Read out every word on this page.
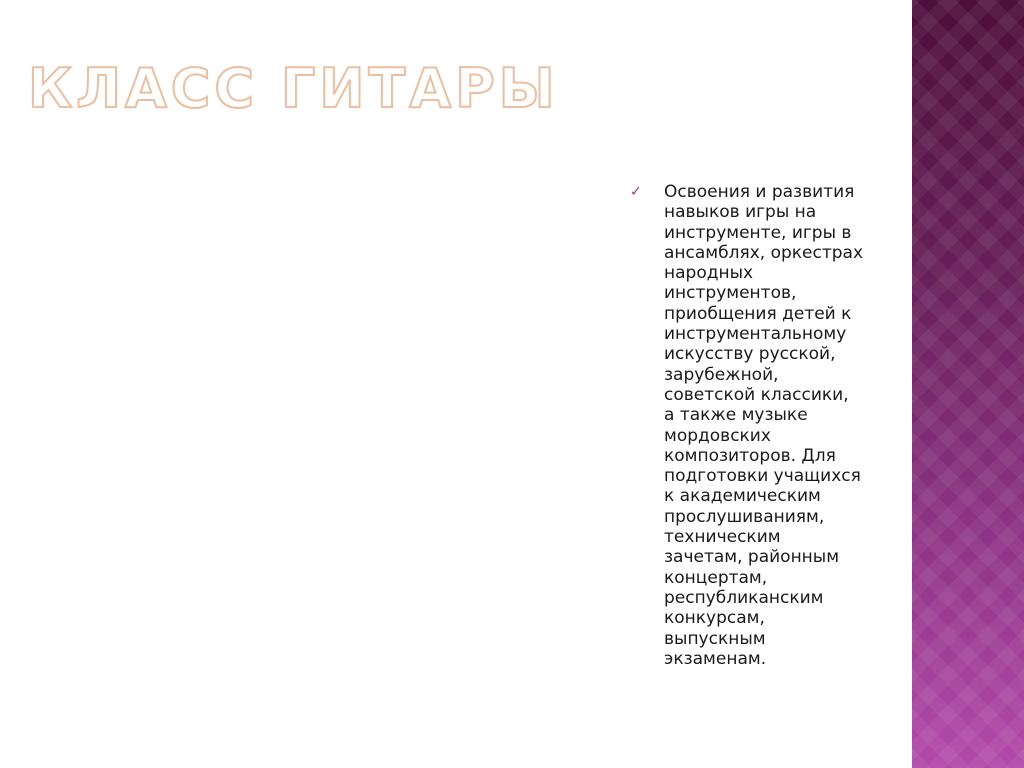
КЛАСС ГИТАРЫ
✓	Освоения и развития
навыков игры на
инструменте, игры в
ансамблях, оркестрах
народных
инструментов,
приобщения детей к
инструментальному
искусству русской,
зарубежной,
советской классики,
а также музыке
мордовских
композиторов. Для
подготовки учащихся
к академическим
прослушиваниям,
техническим
зачетам, районным
концертам,
республиканским
конкурсам,
выпускным
экзаменам.
